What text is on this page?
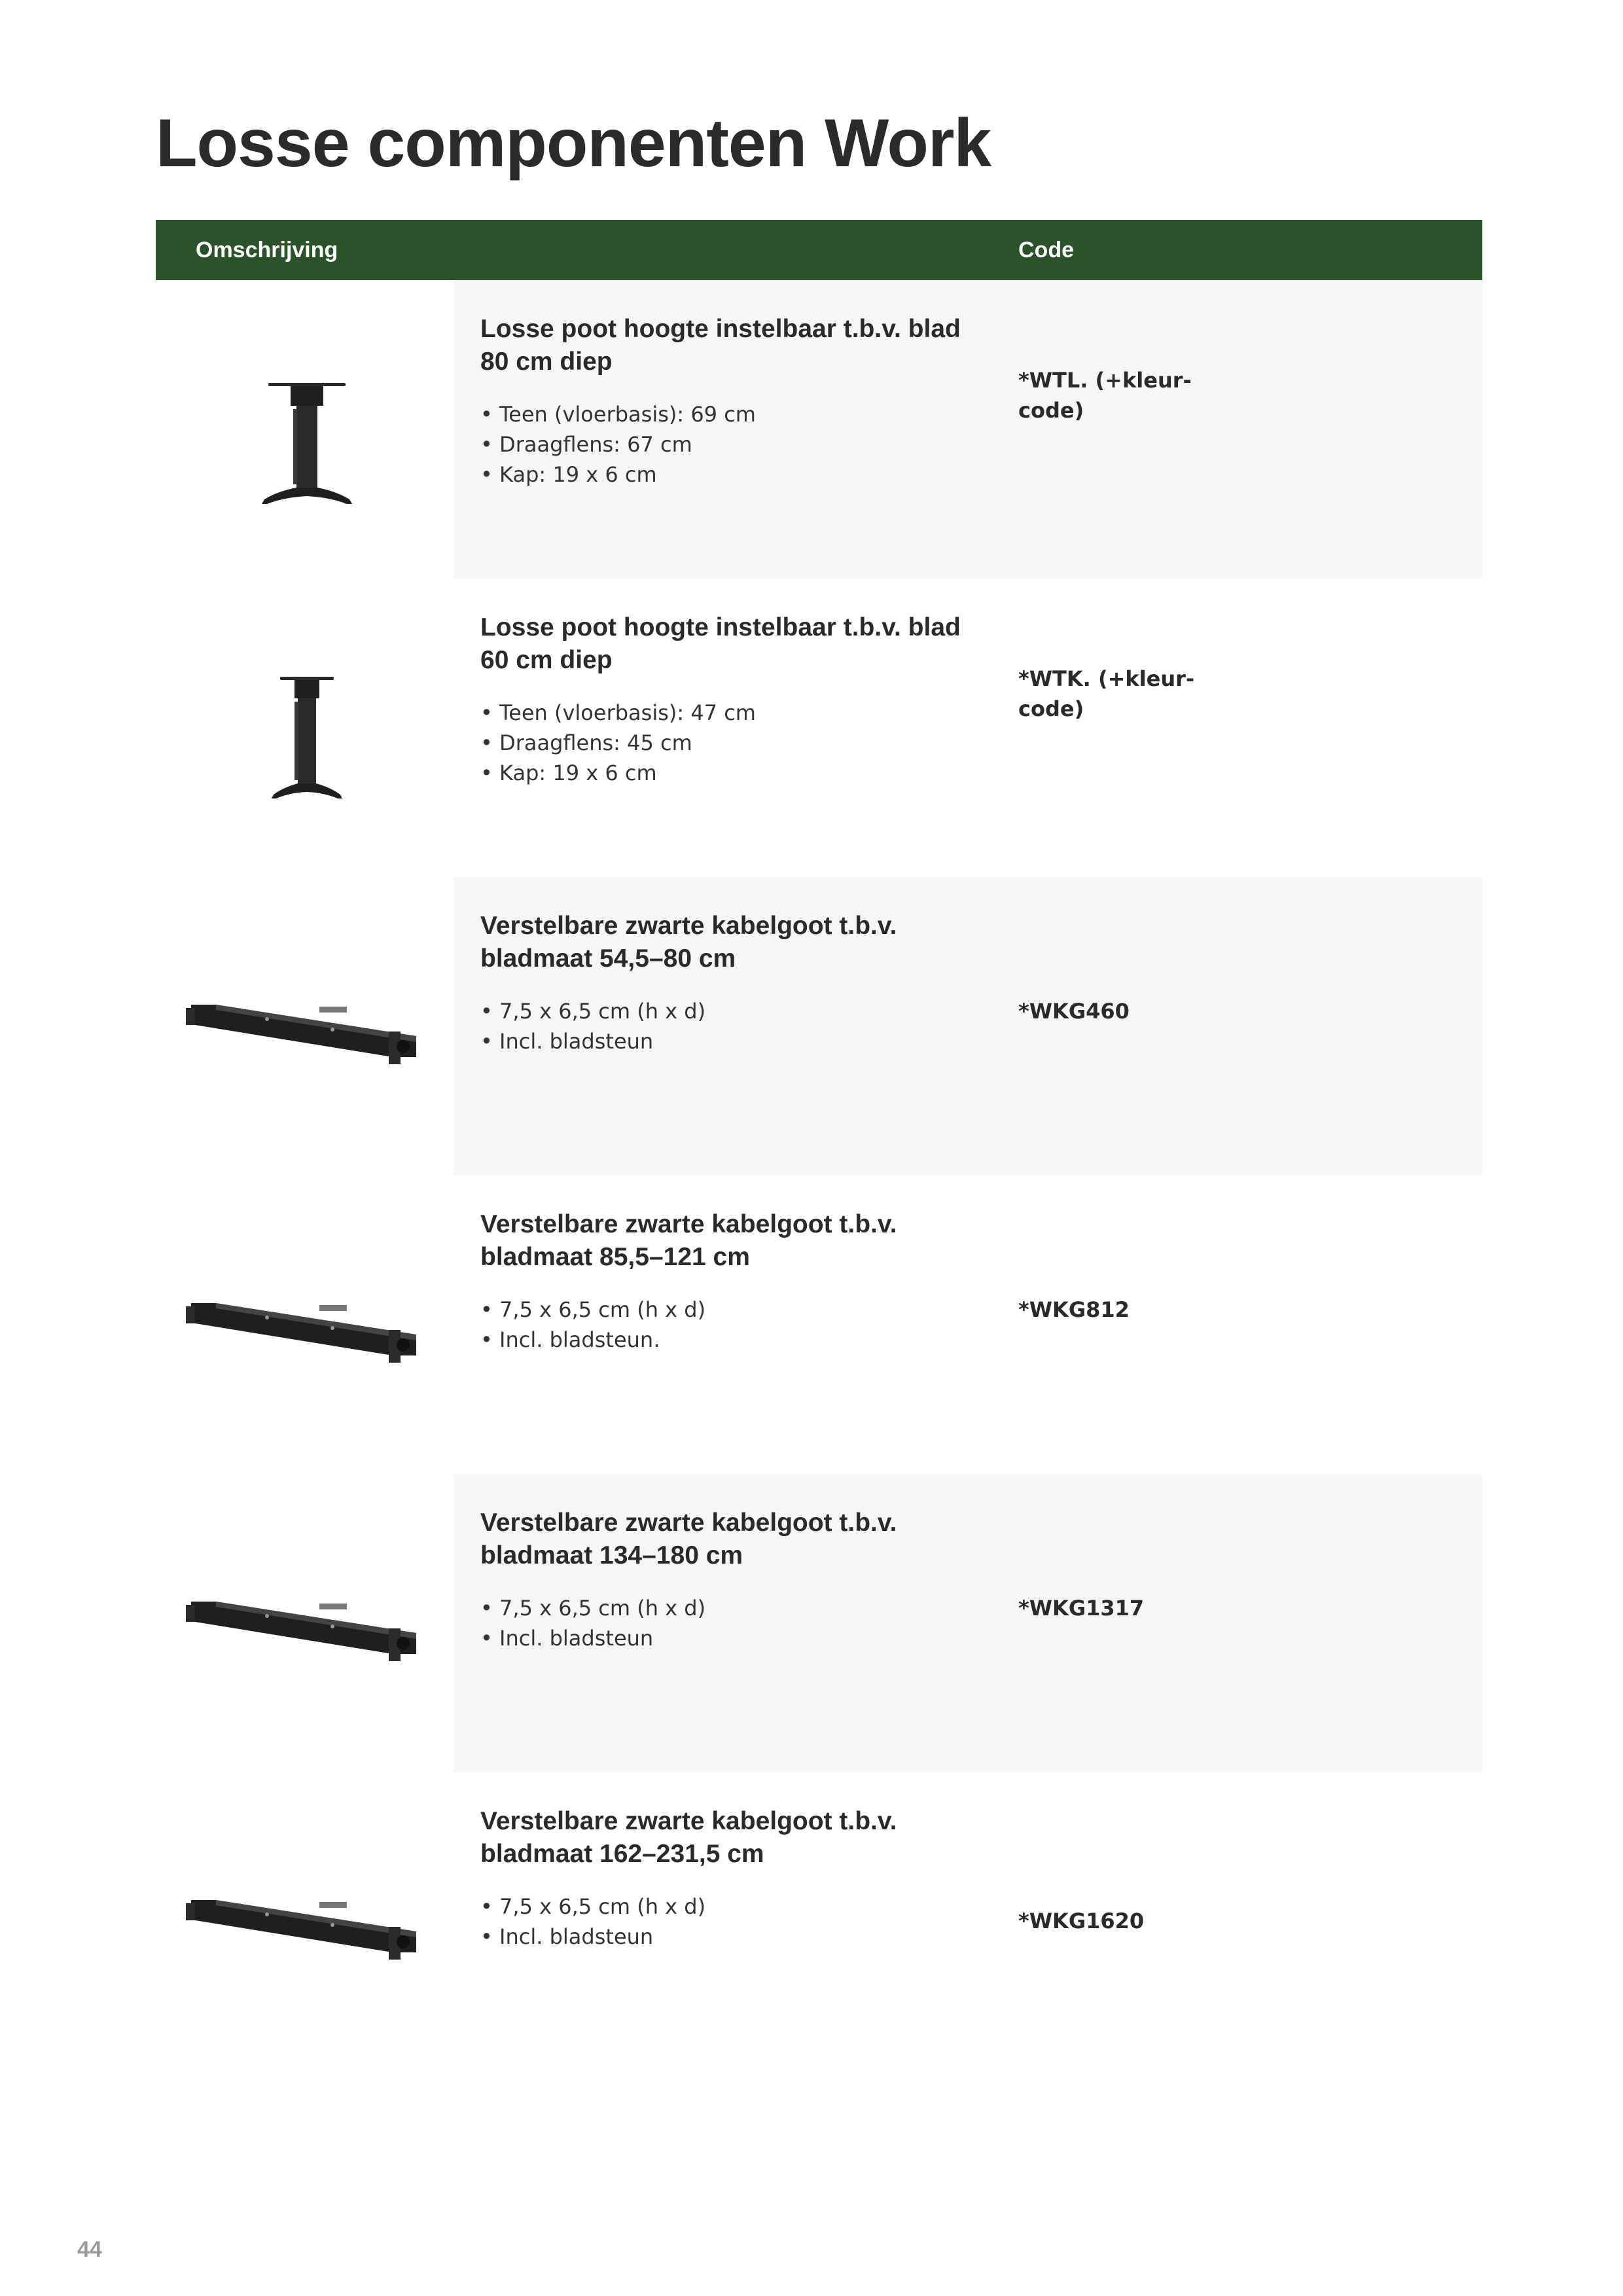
Losse componenten Work
Omschrijving	Code
Losse poot hoogte instelbaar t.b.v. blad 80 cm diep
• Teen (vloerbasis): 69 cm
• Draagflens: 67 cm
• Kap: 19 x 6 cm
*WTL. (+kleur-code)
Losse poot hoogte instelbaar t.b.v. blad 60 cm diep
• Teen (vloerbasis): 47 cm
• Draagflens: 45 cm
• Kap: 19 x 6 cm
*WTK. (+kleur-code)
Verstelbare zwarte kabelgoot t.b.v. bladmaat 54,5–80 cm
• 7,5 x 6,5 cm (h x d)
• Incl. bladsteun
*WKG460
Verstelbare zwarte kabelgoot t.b.v. bladmaat 85,5–121 cm
• 7,5 x 6,5 cm (h x d)
• Incl. bladsteun.
*WKG812
Verstelbare zwarte kabelgoot t.b.v. bladmaat 134–180 cm
• 7,5 x 6,5 cm (h x d)
• Incl. bladsteun
*WKG1317
Verstelbare zwarte kabelgoot t.b.v. bladmaat 162–231,5 cm
• 7,5 x 6,5 cm (h x d)
• Incl. bladsteun
*WKG1620
44
